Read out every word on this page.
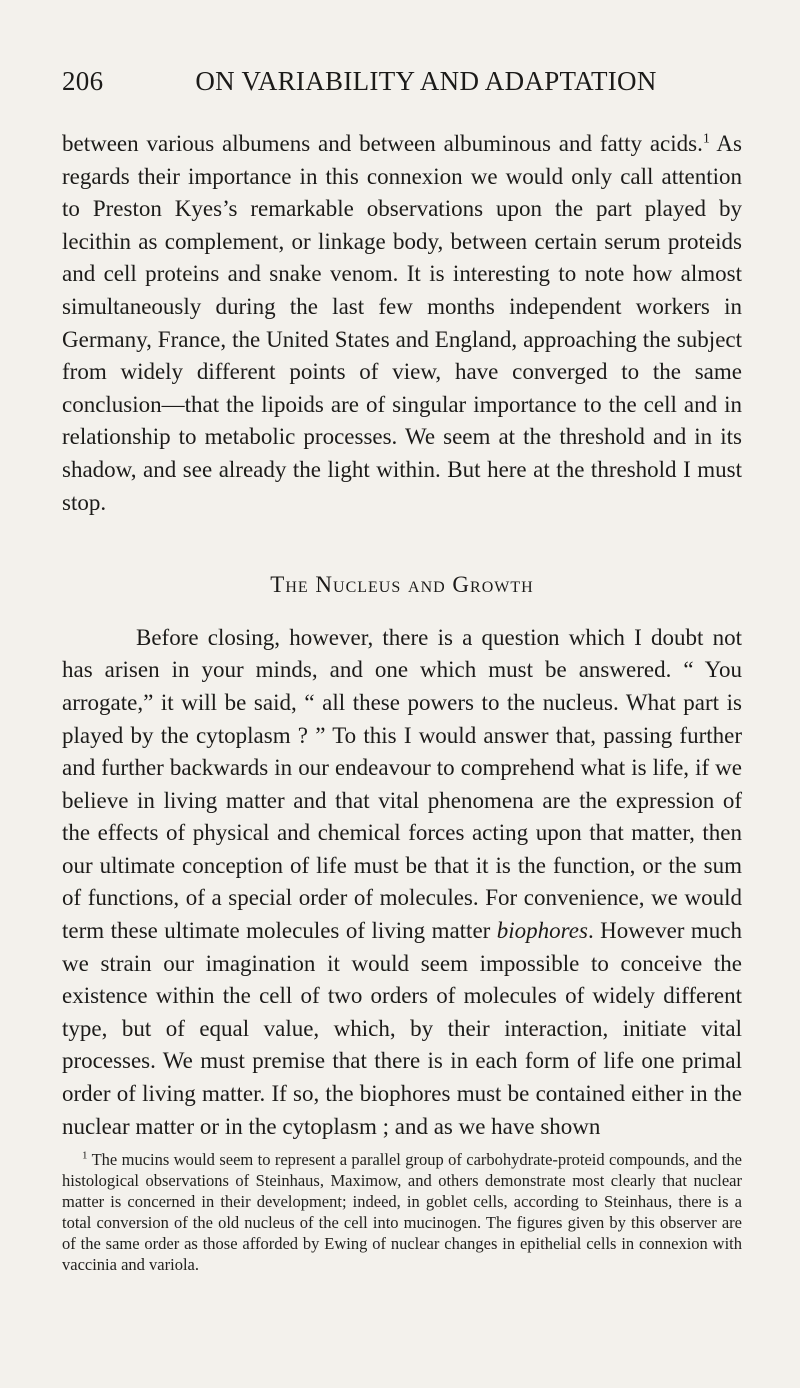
206	ON VARIABILITY AND ADAPTATION

between various albumens and between albuminous and fatty acids.$^1$ As regards their importance in this connexion we would only call attention to Preston Kyes’s remarkable observations upon the part played by lecithin as complement, or linkage body, between certain serum proteids and cell proteins and snake venom. It is interesting to note how almost simultaneously during the last few months independent workers in Germany, France, the United States and England, approaching the subject from widely different points of view, have converged to the same conclusion—that the lipoids are of singular importance to the cell and in relationship to metabolic processes. We seem at the threshold and in its shadow, and see already the light within. But here at the threshold I must stop.

The Nucleus and Growth

Before closing, however, there is a question which I doubt not has arisen in your minds, and one which must be answered. “ You arrogate,” it will be said, “ all these powers to the nucleus. What part is played by the cytoplasm ? ” To this I would answer that, passing further and further backwards in our endeavour to comprehend what is life, if we believe in living matter and that vital phenomena are the expression of the effects of physical and chemical forces acting upon that matter, then our ultimate conception of life must be that it is the function, or the sum of functions, of a special order of molecules. For convenience, we would term these ultimate molecules of living matter biophores. However much we strain our imagination it would seem impossible to conceive the existence within the cell of two orders of molecules of widely different type, but of equal value, which, by their interaction, initiate vital processes. We must premise that there is in each form of life one primal order of living matter. If so, the biophores must be contained either in the nuclear matter or in the cytoplasm ; and as we have shown

$^1$ The mucins would seem to represent a parallel group of carbohydrate-proteid compounds, and the histological observations of Steinhaus, Maximow, and others demonstrate most clearly that nuclear matter is concerned in their development; indeed, in goblet cells, according to Steinhaus, there is a total conversion of the old nucleus of the cell into mucinogen. The figures given by this observer are of the same order as those afforded by Ewing of nuclear changes in epithelial cells in connexion with vaccinia and variola.
